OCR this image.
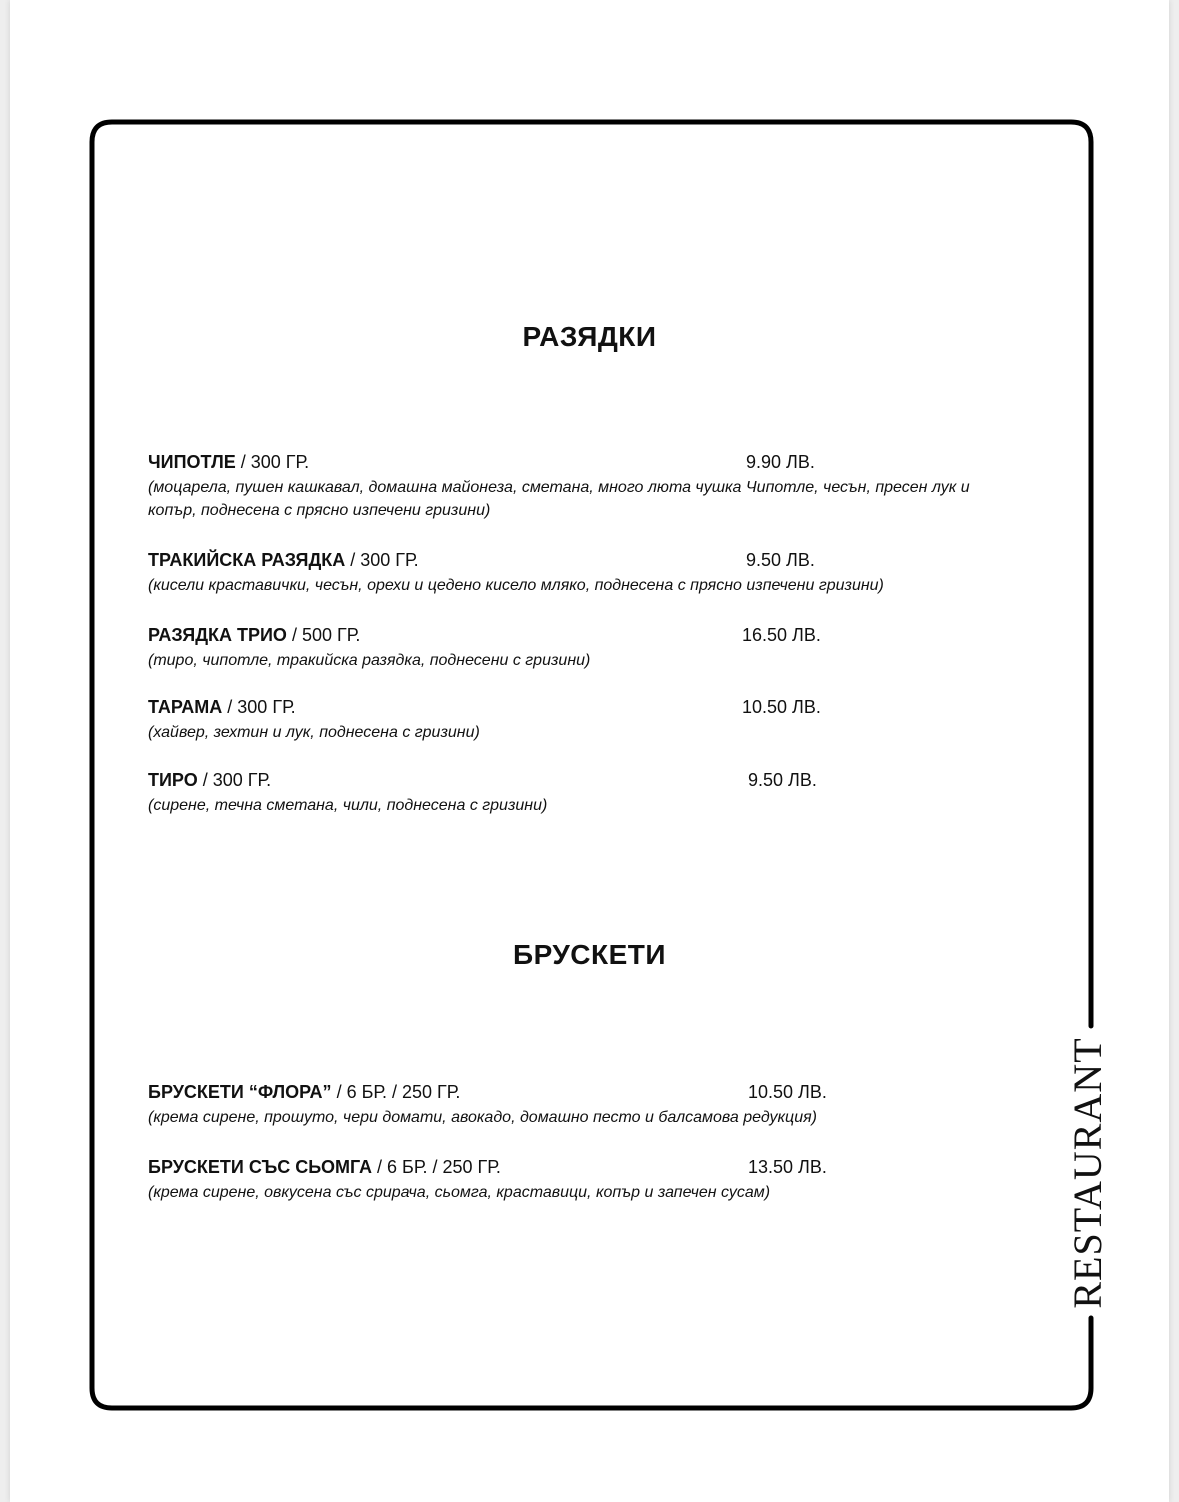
РАЗЯДКИ
ЧИПОТЛЕ / 300 ГР.	9.90 ЛВ.
(моцарела, пушен кашкавал, домашна майонеза, сметана, много люта чушка Чипотле, чесън, пресен лук и копър, поднесена с прясно изпечени гризини)
ТРАКИЙСКА РАЗЯДКА / 300 ГР.	9.50 ЛВ.
(кисели краставички, чесън, орехи и цедено кисело мляко, поднесена с прясно изпечени гризини)
РАЗЯДКА ТРИО / 500 ГР.	16.50 ЛВ.
(тиро, чипотле, тракийска разядка, поднесени с гризини)
ТАРАМА / 300 ГР.	10.50 ЛВ.
(хайвер, зехтин и лук, поднесена с гризини)
ТИРО / 300 ГР.	9.50 ЛВ.
(сирене, течна сметана, чили, поднесена с гризини)
БРУСКЕТИ
БРУСКЕТИ “ФЛОРА” / 6 БР. / 250 ГР.	10.50 ЛВ.
(крема сирене, прошуто, чери домати, авокадо, домашно песто и балсамова редукция)
БРУСКЕТИ СЪС СЬОМГА / 6 БР. / 250 ГР.	13.50 ЛВ.
(крема сирене, овкусена със срирача, сьомга, краставици, копър и запечен сусам)	RESTAURANT
